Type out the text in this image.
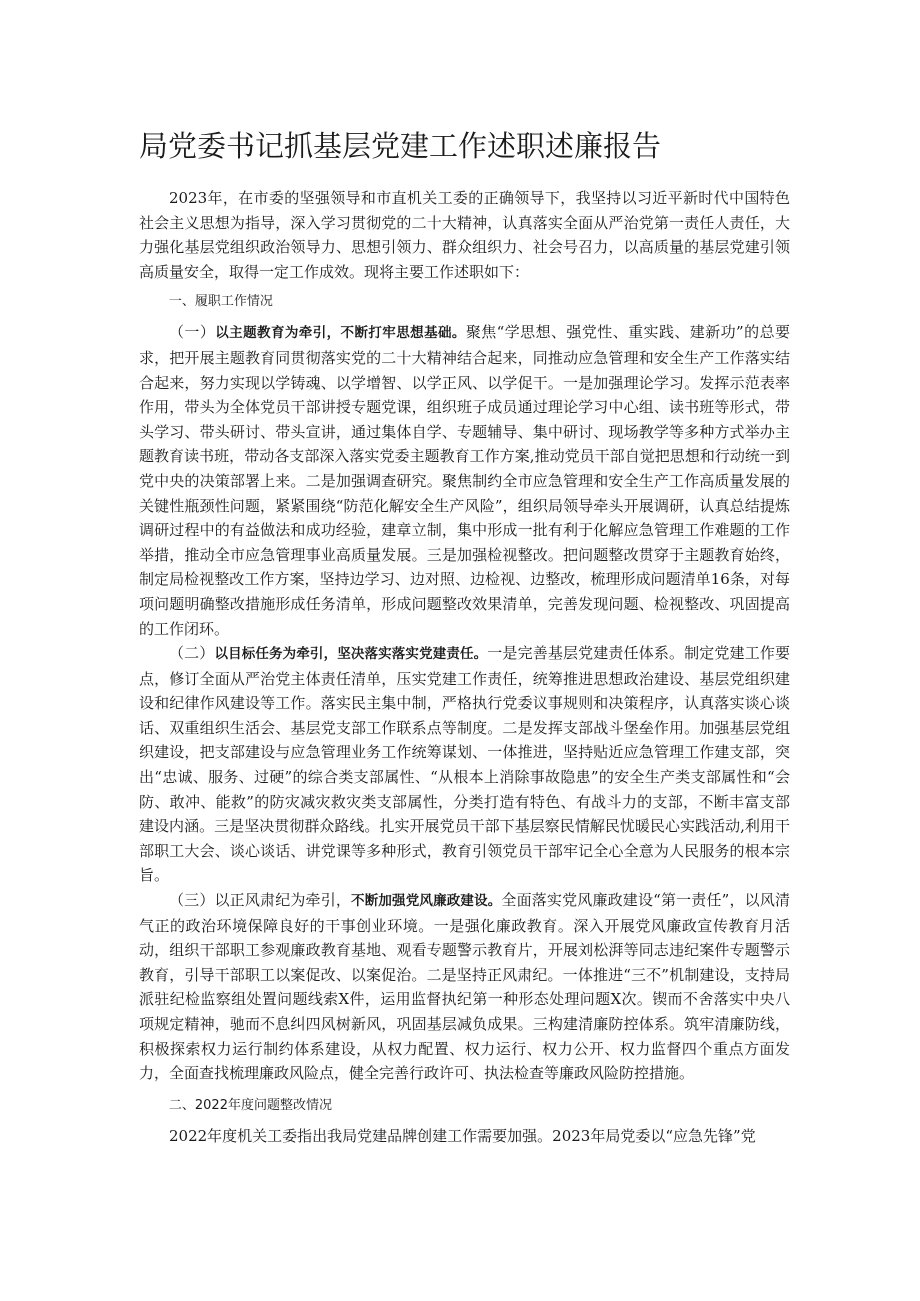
局党委书记抓基层党建工作述职述廉报告

2023年，在市委的坚强领导和市直机关工委的正确领导下，我坚持以习近平新时代中国特色社会主义思想为指导，深入学习贯彻党的二十大精神，认真落实全面从严治党第一责任人责任，大力强化基层党组织政治领导力、思想引领力、群众组织力、社会号召力，以高质量的基层党建引领高质量安全，取得一定工作成效。现将主要工作述职如下：

一、履职工作情况

（一）以主题教育为牵引，不断打牢思想基础。聚焦“学思想、强党性、重实践、建新功”的总要求，把开展主题教育同贯彻落实党的二十大精神结合起来，同推动应急管理和安全生产工作落实结合起来，努力实现以学铸魂、以学增智、以学正风、以学促干。一是加强理论学习。发挥示范表率作用，带头为全体党员干部讲授专题党课，组织班子成员通过理论学习中心组、读书班等形式，带头学习、带头研讨、带头宣讲，通过集体自学、专题辅导、集中研讨、现场教学等多种方式举办主题教育读书班，带动各支部深入落实党委主题教育工作方案,推动党员干部自觉把思想和行动统一到党中央的决策部署上来。二是加强调查研究。聚焦制约全市应急管理和安全生产工作高质量发展的关键性瓶颈性问题，紧紧围绕“防范化解安全生产风险”，组织局领导牵头开展调研，认真总结提炼调研过程中的有益做法和成功经验，建章立制，集中形成一批有利于化解应急管理工作难题的工作举措，推动全市应急管理事业高质量发展。三是加强检视整改。把问题整改贯穿于主题教育始终，制定局检视整改工作方案，坚持边学习、边对照、边检视、边整改，梳理形成问题清单16条，对每项问题明确整改措施形成任务清单，形成问题整改效果清单，完善发现问题、检视整改、巩固提高的工作闭环。

（二）以目标任务为牵引，坚决落实落实党建责任。一是完善基层党建责任体系。制定党建工作要点，修订全面从严治党主体责任清单，压实党建工作责任，统筹推进思想政治建设、基层党组织建设和纪律作风建设等工作。落实民主集中制，严格执行党委议事规则和决策程序，认真落实谈心谈话、双重组织生活会、基层党支部工作联系点等制度。二是发挥支部战斗堡垒作用。加强基层党组织建设，把支部建设与应急管理业务工作统筹谋划、一体推进，坚持贴近应急管理工作建支部，突出“忠诚、服务、过硬”的综合类支部属性、“从根本上消除事故隐患”的安全生产类支部属性和“会防、敢冲、能救”的防灾减灾救灾类支部属性，分类打造有特色、有战斗力的支部，不断丰富支部建设内涵。三是坚决贯彻群众路线。扎实开展党员干部下基层察民情解民忧暖民心实践活动,利用干部职工大会、谈心谈话、讲党课等多种形式，教育引领党员干部牢记全心全意为人民服务的根本宗旨。

（三）以正风肃纪为牵引，不断加强党风廉政建设。全面落实党风廉政建设“第一责任”，以风清气正的政治环境保障良好的干事创业环境。一是强化廉政教育。深入开展党风廉政宣传教育月活动，组织干部职工参观廉政教育基地、观看专题警示教育片，开展刘松湃等同志违纪案件专题警示教育，引导干部职工以案促改、以案促治。二是坚持正风肃纪。一体推进“三不”机制建设，支持局派驻纪检监察组处置问题线索X件，运用监督执纪第一种形态处理问题X次。锲而不舍落实中央八项规定精神，驰而不息纠四风树新风，巩固基层减负成果。三构建清廉防控体系。筑牢清廉防线，积极探索权力运行制约体系建设，从权力配置、权力运行、权力公开、权力监督四个重点方面发力，全面查找梳理廉政风险点，健全完善行政许可、执法检查等廉政风险防控措施。

二、2022年度问题整改情况

2022年度机关工委指出我局党建品牌创建工作需要加强。2023年局党委以“应急先锋”党
